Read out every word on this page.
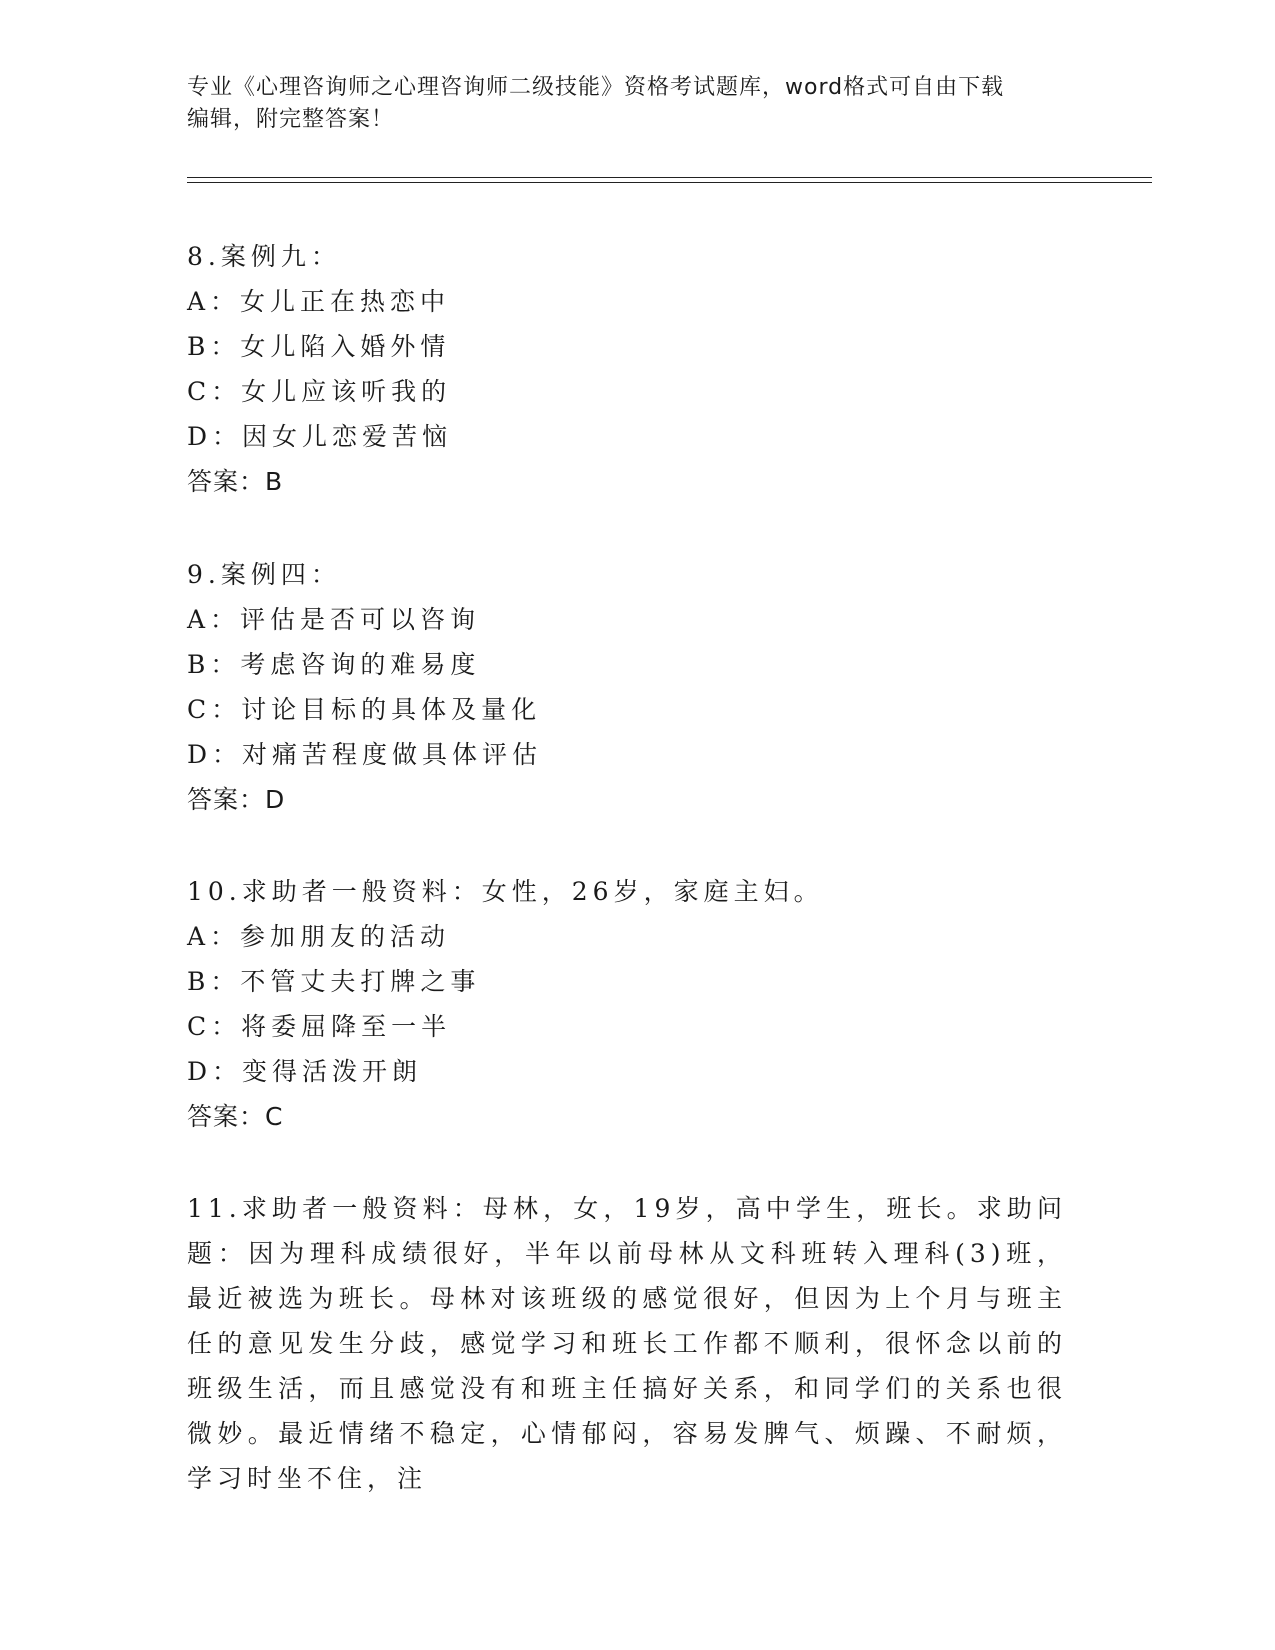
专业《心理咨询师之心理咨询师二级技能》资格考试题库，word格式可自由下载
编辑，附完整答案！
8.案例九：
A：女儿正在热恋中
B：女儿陷入婚外情
C：女儿应该听我的
D：因女儿恋爱苦恼
答案：B
9.案例四：
A：评估是否可以咨询
B：考虑咨询的难易度
C：讨论目标的具体及量化
D：对痛苦程度做具体评估
答案：D
10.求助者一般资料：女性，26岁，家庭主妇。
A：参加朋友的活动
B：不管丈夫打牌之事
C：将委屈降至一半
D：变得活泼开朗
答案：C
11.求助者一般资料：母林，女，19岁，高中学生，班长。求助问题：因为理科成绩很好，半年以前母林从文科班转入理科(3)班，最近被选为班长。母林对该班级的感觉很好，但因为上个月与班主任的意见发生分歧，感觉学习和班长工作都不顺利，很怀念以前的班级生活，而且感觉没有和班主任搞好关系，和同学们的关系也很微妙。最近情绪不稳定，心情郁闷，容易发脾气、烦躁、不耐烦，学习时坐不住，注
